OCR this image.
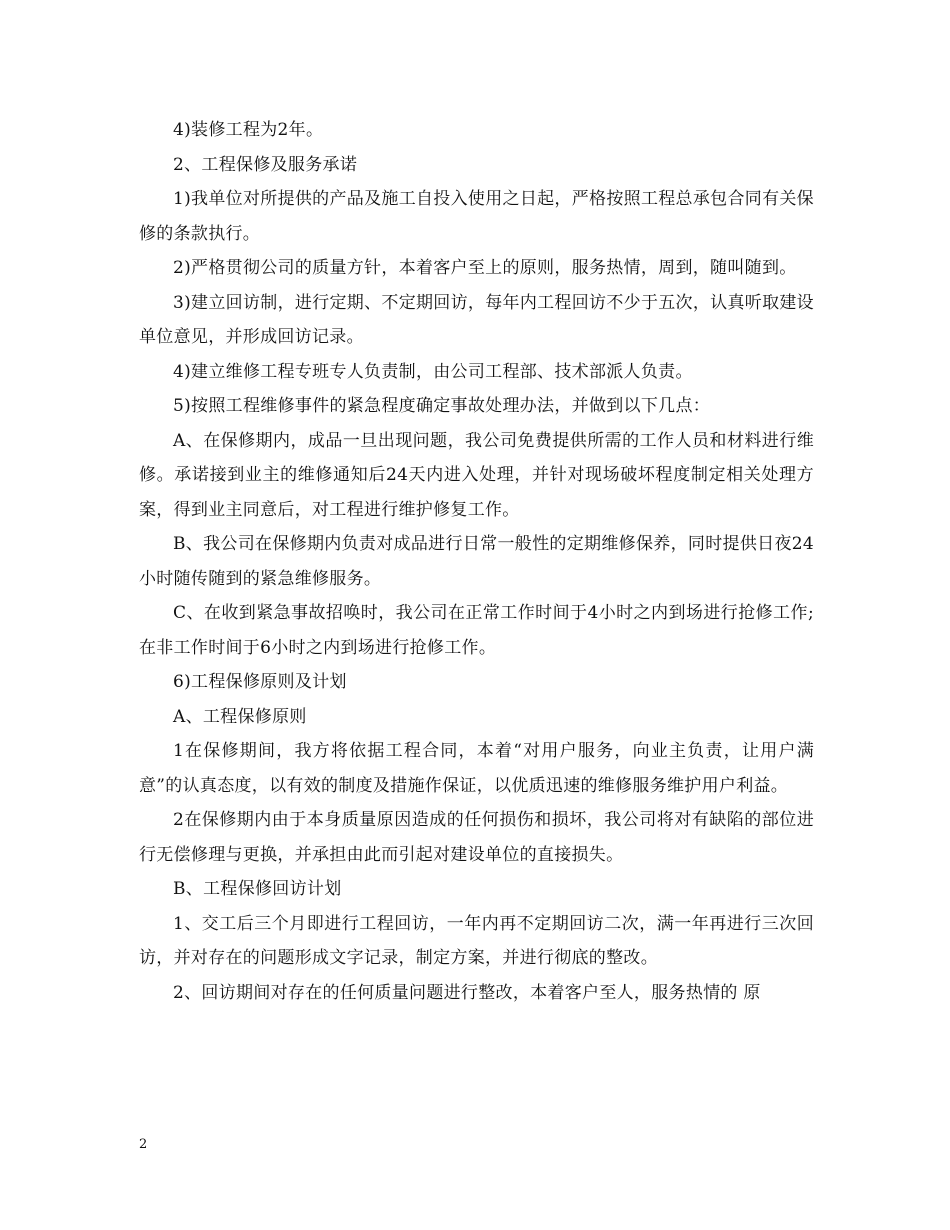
4)装修工程为2年。

2、工程保修及服务承诺

1)我单位对所提供的产品及施工自投入使用之日起，严格按照工程总承包合同有关保修的条款执行。

2)严格贯彻公司的质量方针，本着客户至上的原则，服务热情，周到，随叫随到。

3)建立回访制，进行定期、不定期回访，每年内工程回访不少于五次，认真听取建设单位意见，并形成回访记录。

4)建立维修工程专班专人负责制，由公司工程部、技术部派人负责。

5)按照工程维修事件的紧急程度确定事故处理办法，并做到以下几点：

A、在保修期内，成品一旦出现问题，我公司免费提供所需的工作人员和材料进行维修。承诺接到业主的维修通知后24天内进入处理，并针对现场破坏程度制定相关处理方案，得到业主同意后，对工程进行维护修复工作。

B、我公司在保修期内负责对成品进行日常一般性的定期维修保养，同时提供日夜24小时随传随到的紧急维修服务。

C、在收到紧急事故招唤时，我公司在正常工作时间于4小时之内到场进行抢修工作;在非工作时间于6小时之内到场进行抢修工作。

6)工程保修原则及计划

A、工程保修原则

1在保修期间，我方将依据工程合同，本着“对用户服务，向业主负责，让用户满意”的认真态度，以有效的制度及措施作保证，以优质迅速的维修服务维护用户利益。

2在保修期内由于本身质量原因造成的任何损伤和损坏，我公司将对有缺陷的部位进行无偿修理与更换，并承担由此而引起对建设单位的直接损失。

B、工程保修回访计划

1、交工后三个月即进行工程回访，一年内再不定期回访二次，满一年再进行三次回访，并对存在的问题形成文字记录，制定方案，并进行彻底的整改。

2、回访期间对存在的任何质量问题进行整改，本着客户至人，服务热情的 原

2
